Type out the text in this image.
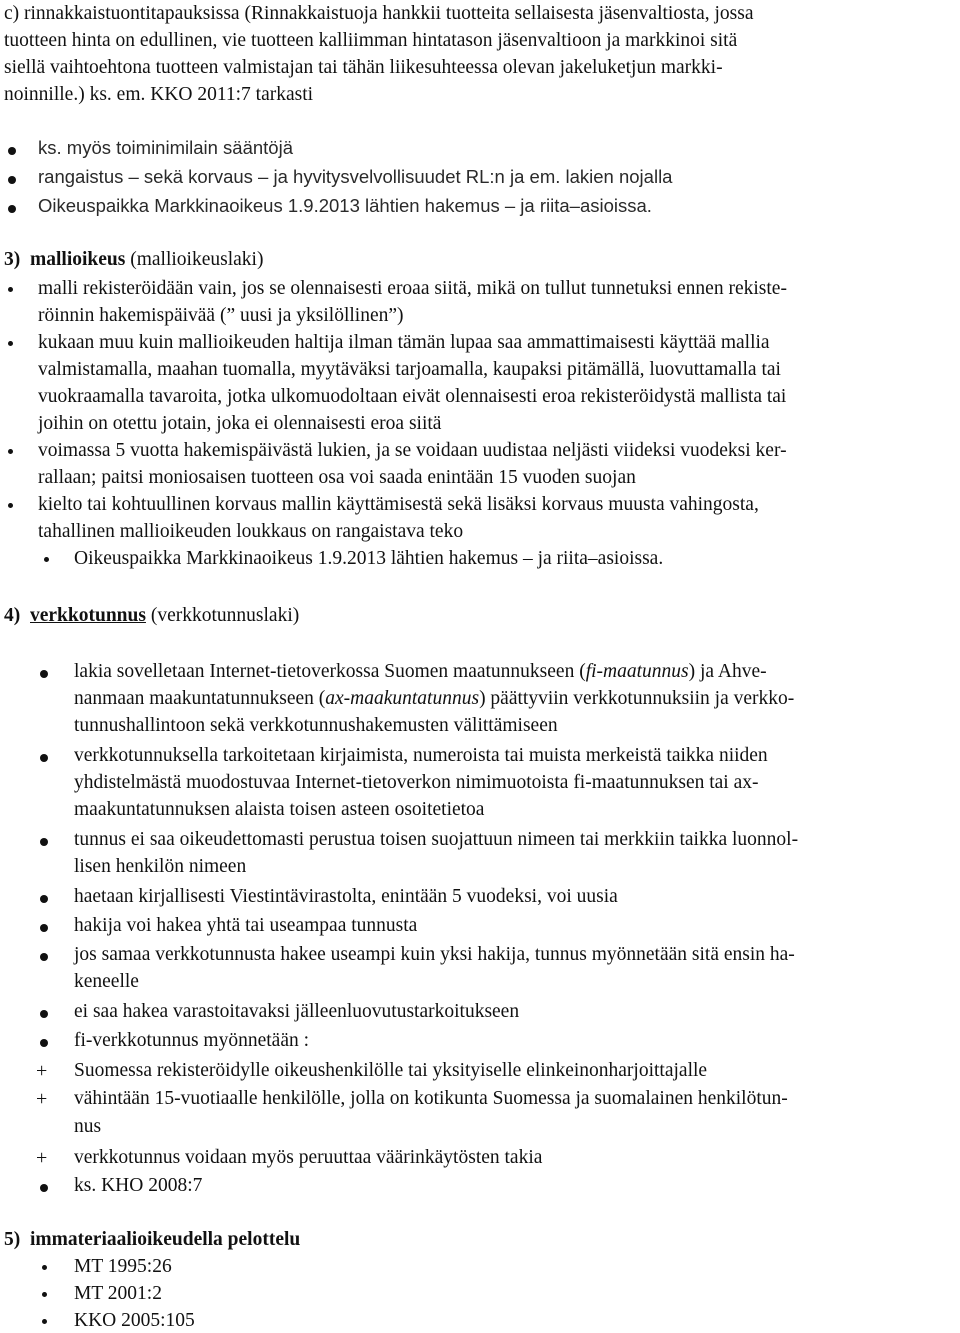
c) rinnakkaistuontitapauksissa (Rinnakkaistuoja hankkii tuotteita sellaisesta jäsenvaltiosta, jossa
tuotteen hinta on edullinen, vie tuotteen kalliimman hintatason jäsenvaltioon ja markkinoi sitä
siellä vaihtoehtona tuotteen valmistajan tai tähän liikesuhteessa olevan jakeluketjun markki-
noinnille.) ks. em. KKO 2011:7 tarkasti
ks. myös toiminimilain sääntöjä
rangaistus – sekä korvaus – ja hyvitysvelvollisuudet RL:n ja em. lakien nojalla
Oikeuspaikka Markkinaoikeus 1.9.2013 lähtien hakemus – ja riita–asioissa.
3) mallioikeus (mallioikeuslaki)
malli rekisteröidään vain, jos se olennaisesti eroaa siitä, mikä on tullut tunnetuksi ennen rekiste-
röinnin hakemispäivää (” uusi ja yksilöllinen”)
kukaan muu kuin mallioikeuden haltija ilman tämän lupaa saa ammattimaisesti käyttää mallia
valmistamalla, maahan tuomalla, myytäväksi tarjoamalla, kaupaksi pitämällä, luovuttamalla tai
vuokraamalla tavaroita, jotka ulkomuodoltaan eivät olennaisesti eroa rekisteröidystä mallista tai
joihin on otettu jotain, joka ei olennaisesti eroa siitä
voimassa 5 vuotta hakemispäivästä lukien, ja se voidaan uudistaa neljästi viideksi vuodeksi ker-
rallaan; paitsi moniosaisen tuotteen osa voi saada enintään 15 vuoden suojan
kielto tai kohtuullinen korvaus mallin käyttämisestä sekä lisäksi korvaus muusta vahingosta,
tahallinen mallioikeuden loukkaus on rangaistava teko
Oikeuspaikka Markkinaoikeus 1.9.2013 lähtien hakemus – ja riita–asioissa.
4) verkkotunnus (verkkotunnuslaki)
lakia sovelletaan Internet-tietoverkossa Suomen maatunnukseen (fi-maatunnus) ja Ahve-
nanmaan maakuntatunnukseen (ax-maakuntatunnus) päättyviin verkkotunnuksiin ja verkko-
tunnushallintoon sekä verkkotunnushakemusten välittämiseen
verkkotunnuksella tarkoitetaan kirjaimista, numeroista tai muista merkeistä taikka niiden
yhdistelmästä muodostuvaa Internet-tietoverkon nimimuotoista fi-maatunnuksen tai ax-
maakuntatunnuksen alaista toisen asteen osoitetietoa
tunnus ei saa oikeudettomasti perustua toisen suojattuun nimeen tai merkkiin taikka luonnol-
lisen henkilön nimeen
haetaan kirjallisesti Viestintävirastolta, enintään 5 vuodeksi, voi uusia
hakija voi hakea yhtä tai useampaa tunnusta
jos samaa verkkotunnusta hakee useampi kuin yksi hakija, tunnus myönnetään sitä ensin ha-
keneelle
ei saa hakea varastoitavaksi jälleenluovutustarkoitukseen
fi-verkkotunnus myönnetään :
+ Suomessa rekisteröidylle oikeushenkilölle tai yksityiselle elinkeinonharjoittajalle
+ vähintään 15-vuotiaalle henkilölle, jolla on kotikunta Suomessa ja suomalainen henkilötun-
nus
+ verkkotunnus voidaan myös peruuttaa väärinkäytösten takia
ks. KHO 2008:7
5) immateriaalioikeudella pelottelu
MT 1995:26
MT 2001:2
KKO 2005:105
